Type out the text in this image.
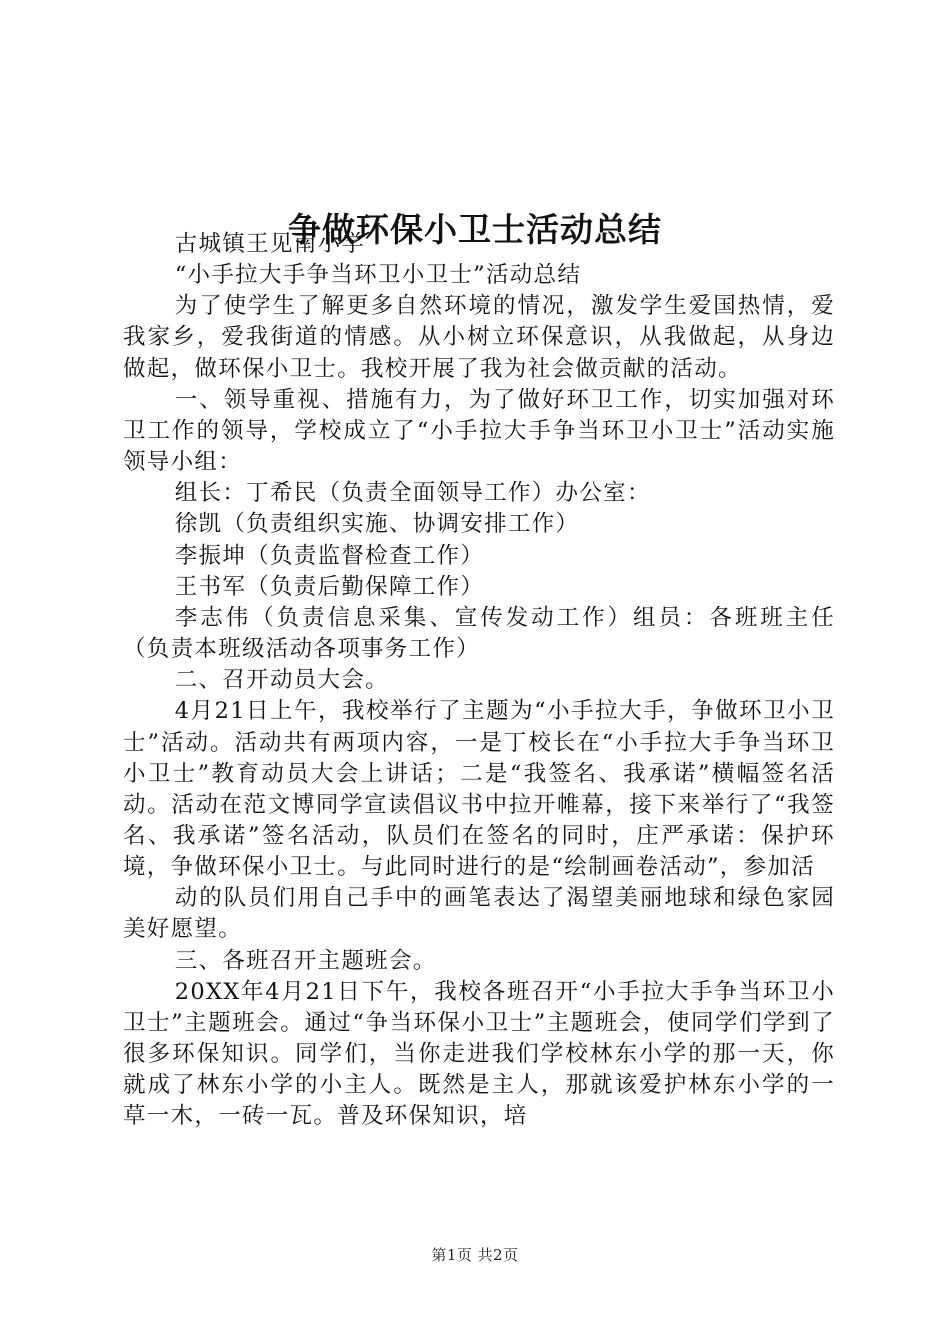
争做环保小卫士活动总结

古城镇王见南小学

“小手拉大手争当环卫小卫士”活动总结

为了使学生了解更多自然环境的情况，激发学生爱国热情，爱我家乡，爱我街道的情感。从小树立环保意识，从我做起，从身边做起，做环保小卫士。我校开展了我为社会做贡献的活动。

一、领导重视、措施有力，为了做好环卫工作，切实加强对环卫工作的领导，学校成立了“小手拉大手争当环卫小卫士”活动实施领导小组：

组长：丁希民（负责全面领导工作）办公室：

徐凯（负责组织实施、协调安排工作）

李振坤（负责监督检查工作）

王书军（负责后勤保障工作）

李志伟（负责信息采集、宣传发动工作）组员：各班班主任（负责本班级活动各项事务工作）

二、召开动员大会。

4月21日上午，我校举行了主题为“小手拉大手，争做环卫小卫士”活动。活动共有两项内容，一是丁校长在“小手拉大手争当环卫小卫士”教育动员大会上讲话；二是“我签名、我承诺”横幅签名活动。活动在范文博同学宣读倡议书中拉开帷幕，接下来举行了“我签名、我承诺”签名活动，队员们在签名的同时，庄严承诺：保护环境，争做环保小卫士。与此同时进行的是“绘制画卷活动”，参加活

动的队员们用自己手中的画笔表达了渴望美丽地球和绿色家园美好愿望。

三、各班召开主题班会。

20XX年4月21日下午，我校各班召开“小手拉大手争当环卫小卫士”主题班会。通过“争当环保小卫士”主题班会，使同学们学到了很多环保知识。同学们，当你走进我们学校林东小学的那一天，你就成了林东小学的小主人。既然是主人，那就该爱护林东小学的一草一木，一砖一瓦。普及环保知识，培

第1页 共2页
